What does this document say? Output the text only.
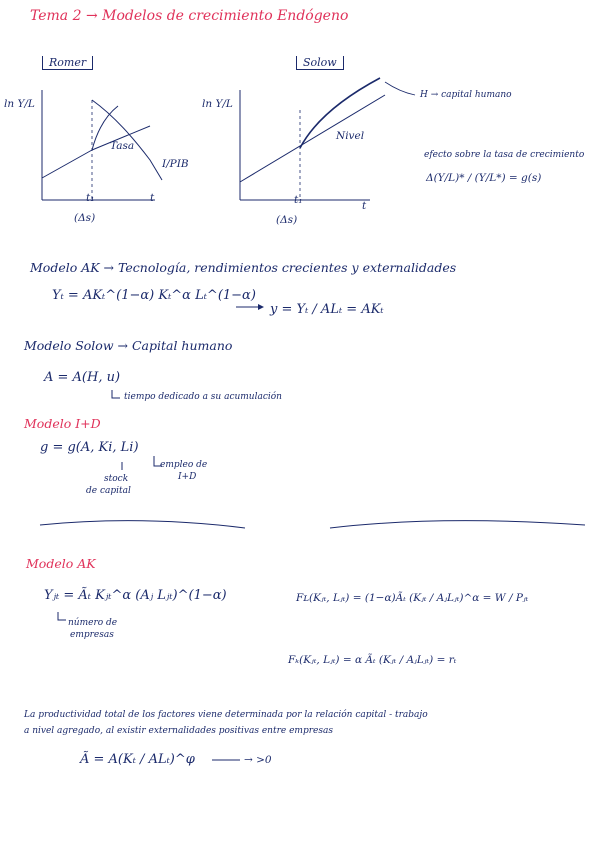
Tema 2 → Modelos de crecimiento Endógeno
Romer
ln Y/L
Tasa
I/PIB
t₁	t
(Δs)
Solow
ln Y/L
Nivel
t₁	t
(Δs)
H → capital humano
efecto sobre la tasa de crecimiento
Δ(Y/L)* / (Y/L*) = g(s)
Modelo AK → Tecnología, rendimientos crecientes y externalidades
Yₜ = AKₜ^(1−α) Kₜ^α Lₜ^(1−α)
y = Yₜ / ALₜ = AKₜ
Modelo Solow → Capital humano
A = A(H, u)
tiempo dedicado a su acumulación
Modelo I+D
g = g(A, Ki, Li)
empleo de
I+D
stock
de capital
Modelo AK
Yⱼₜ = Ãₜ Kⱼₜ^α (Aⱼ Lⱼₜ)^(1−α)
número de
empresas
Fʟ(Kⱼₜ, Lⱼₜ) = (1−α)Ãₜ (Kⱼₜ / AⱼLⱼₜ)^α = W / Pⱼₜ
Fₖ(Kⱼₜ, Lⱼₜ) = α Ãₜ (Kⱼₜ / AⱼLⱼₜ) = rₜ
La productividad total de los factores viene determinada por la relación capital - trabajo
a nivel agregado, al existir externalidades positivas entre empresas
Ã = A(Kₜ / ALₜ)^φ	→ >0
